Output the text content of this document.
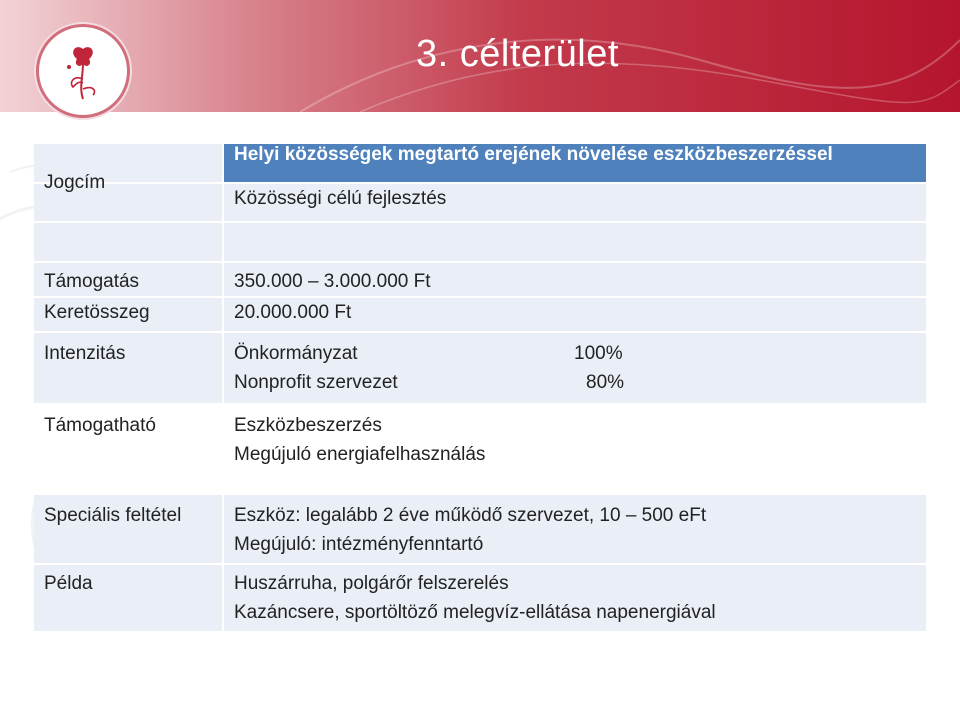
3. célterület
	Helyi közösségek megtartó erejének növelése eszközbeszerzéssel
Jogcím	Közösségi célú fejlesztés

Támogatás	350.000 – 3.000.000 Ft

Keretösszeg	20.000.000 Ft

Intenzitás	Önkormányzat 100%
Nonprofit szervezet 80%

Támogatható	Eszközbeszerzés
Megújuló energiafelhasználás

Speciális feltétel	Eszköz: legalább 2 éve működő szervezet, 10 – 500 eFt
Megújuló: intézményfenntartó

Példa	Huszárruha, polgárőr felszerelés
Kazáncsere, sportöltöző melegvíz-ellátása napenergiával
